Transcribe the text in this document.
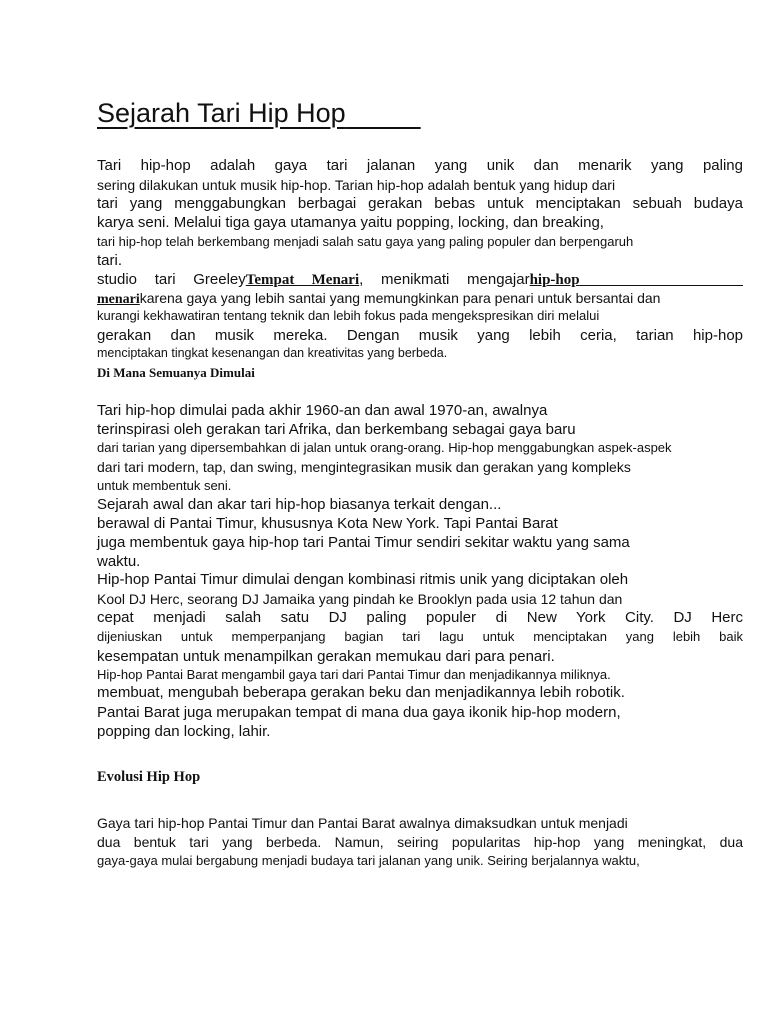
Sejarah Tari Hip Hop
Tari hip-hop adalah gaya tari jalanan yang unik dan menarik yang paling
sering dilakukan untuk musik hip-hop. Tarian hip-hop adalah bentuk yang hidup dari
tari yang menggabungkan berbagai gerakan bebas untuk menciptakan sebuah budaya
karya seni. Melalui tiga gaya utamanya yaitu popping, locking, dan breaking,
tari hip-hop telah berkembang menjadi salah satu gaya yang paling populer dan berpengaruh
tari.
studio tari GreeleyTempat Menari, menikmati mengajarhip-hop
menarikarena gaya yang lebih santai yang memungkinkan para penari untuk bersantai dan
kurangi kekhawatiran tentang teknik dan lebih fokus pada mengekspresikan diri melalui
gerakan dan musik mereka. Dengan musik yang lebih ceria, tarian hip-hop
menciptakan tingkat kesenangan dan kreativitas yang berbeda.
Di Mana Semuanya Dimulai
Tari hip-hop dimulai pada akhir 1960-an dan awal 1970-an, awalnya
terinspirasi oleh gerakan tari Afrika, dan berkembang sebagai gaya baru
dari tarian yang dipersembahkan di jalan untuk orang-orang. Hip-hop menggabungkan aspek-aspek
dari tari modern, tap, dan swing, mengintegrasikan musik dan gerakan yang kompleks
untuk membentuk seni.
Sejarah awal dan akar tari hip-hop biasanya terkait dengan...
berawal di Pantai Timur, khususnya Kota New York. Tapi Pantai Barat
juga membentuk gaya hip-hop tari Pantai Timur sendiri sekitar waktu yang sama
waktu.
Hip-hop Pantai Timur dimulai dengan kombinasi ritmis unik yang diciptakan oleh
Kool DJ Herc, seorang DJ Jamaika yang pindah ke Brooklyn pada usia 12 tahun dan
cepat menjadi salah satu DJ paling populer di New York City. DJ Herc
dijeniuskan untuk memperpanjang bagian tari lagu untuk menciptakan yang lebih baik
kesempatan untuk menampilkan gerakan memukau dari para penari.
Hip-hop Pantai Barat mengambil gaya tari dari Pantai Timur dan menjadikannya miliknya.
membuat, mengubah beberapa gerakan beku dan menjadikannya lebih robotik.
Pantai Barat juga merupakan tempat di mana dua gaya ikonik hip-hop modern,
popping dan locking, lahir.
Evolusi Hip Hop
Gaya tari hip-hop Pantai Timur dan Pantai Barat awalnya dimaksudkan untuk menjadi
dua bentuk tari yang berbeda. Namun, seiring popularitas hip-hop yang meningkat, dua
gaya-gaya mulai bergabung menjadi budaya tari jalanan yang unik. Seiring berjalannya waktu,
